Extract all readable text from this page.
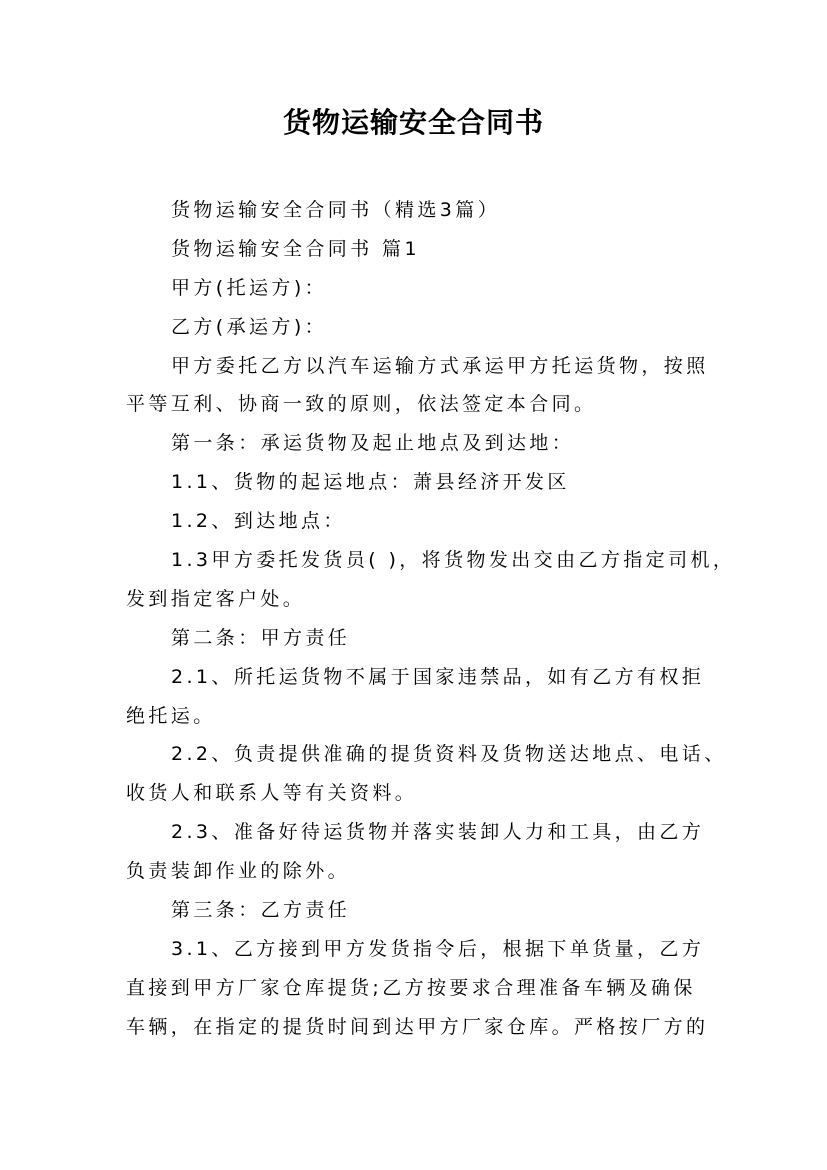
货物运输安全合同书
货物运输安全合同书（精选3篇）
货物运输安全合同书 篇1
甲方(托运方)：
乙方(承运方)：
甲方委托乙方以汽车运输方式承运甲方托运货物，按照
平等互利、协商一致的原则，依法签定本合同。
第一条：承运货物及起止地点及到达地：
1.1、货物的起运地点：萧县经济开发区
1.2、到达地点：
1.3甲方委托发货员( )，将货物发出交由乙方指定司机，
发到指定客户处。
第二条：甲方责任
2.1、所托运货物不属于国家违禁品，如有乙方有权拒
绝托运。
2.2、负责提供准确的提货资料及货物送达地点、电话、
收货人和联系人等有关资料。
2.3、准备好待运货物并落实装卸人力和工具，由乙方
负责装卸作业的除外。
第三条：乙方责任
3.1、乙方接到甲方发货指令后，根据下单货量，乙方
直接到甲方厂家仓库提货;乙方按要求合理准备车辆及确保
车辆，在指定的提货时间到达甲方厂家仓库。严格按厂方的
